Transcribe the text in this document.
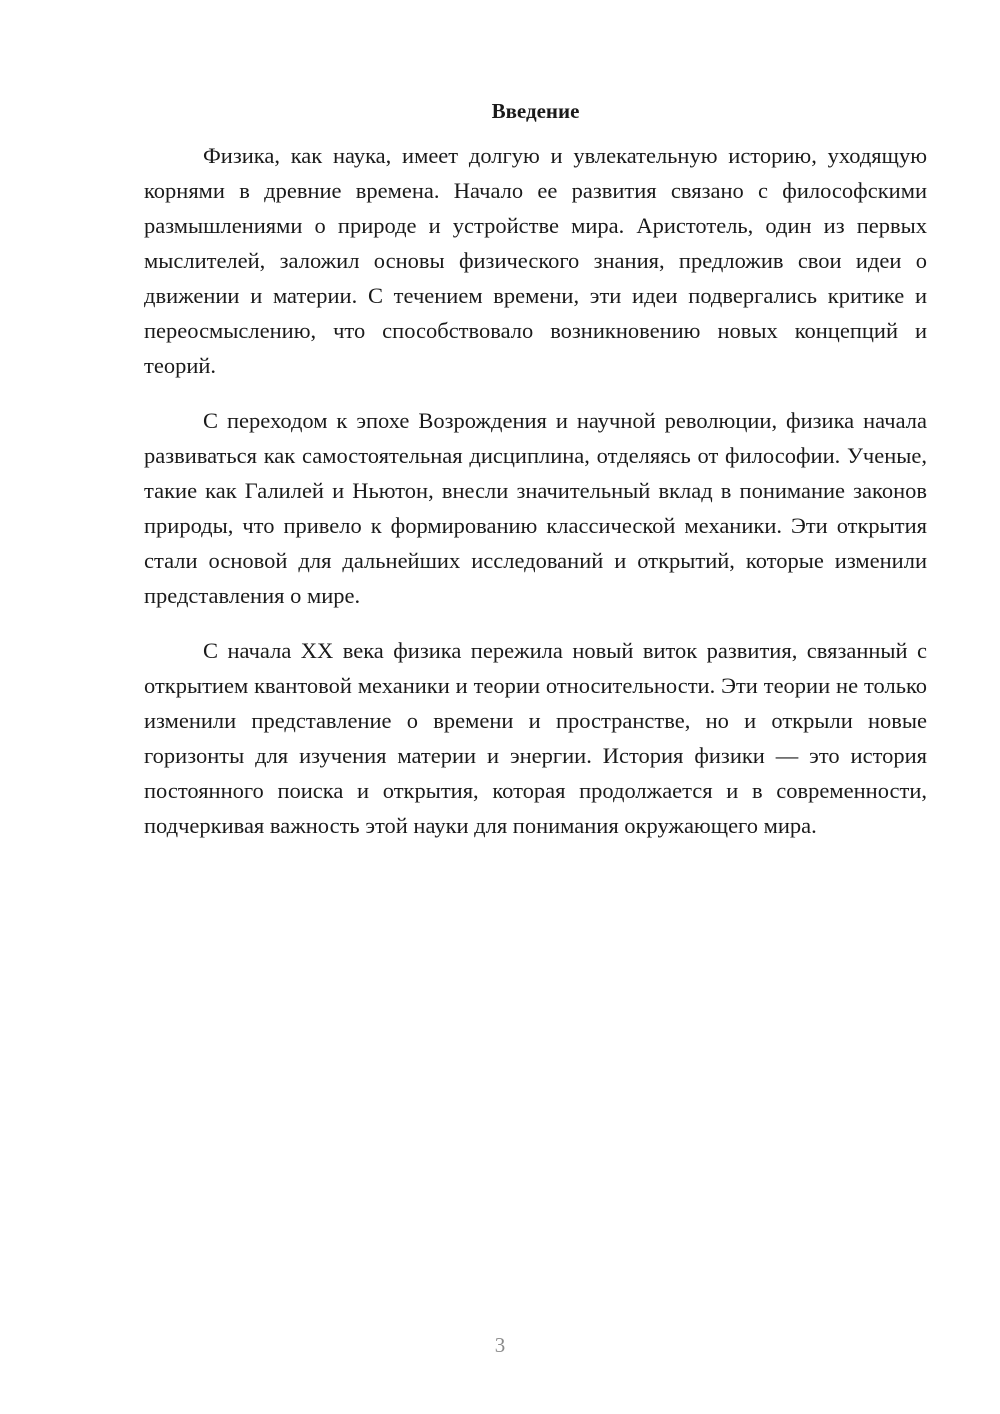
Введение

Физика, как наука, имеет долгую и увлекательную историю, уходящую корнями в древние времена. Начало ее развития связано с философскими размышлениями о природе и устройстве мира. Аристотель, один из первых мыслителей, заложил основы физического знания, предложив свои идеи о движении и материи. С течением времени, эти идеи подвергались критике и переосмыслению, что способствовало возникновению новых концепций и теорий.

С переходом к эпохе Возрождения и научной революции, физика начала развиваться как самостоятельная дисциплина, отделяясь от философии. Ученые, такие как Галилей и Ньютон, внесли значительный вклад в понимание законов природы, что привело к формированию классической механики. Эти открытия стали основой для дальнейших исследований и открытий, которые изменили представления о мире.

С начала XX века физика пережила новый виток развития, связанный с открытием квантовой механики и теории относительности. Эти теории не только изменили представление о времени и пространстве, но и открыли новые горизонты для изучения материи и энергии. История физики — это история постоянного поиска и открытия, которая продолжается и в современности, подчеркивая важность этой науки для понимания окружающего мира.

3
